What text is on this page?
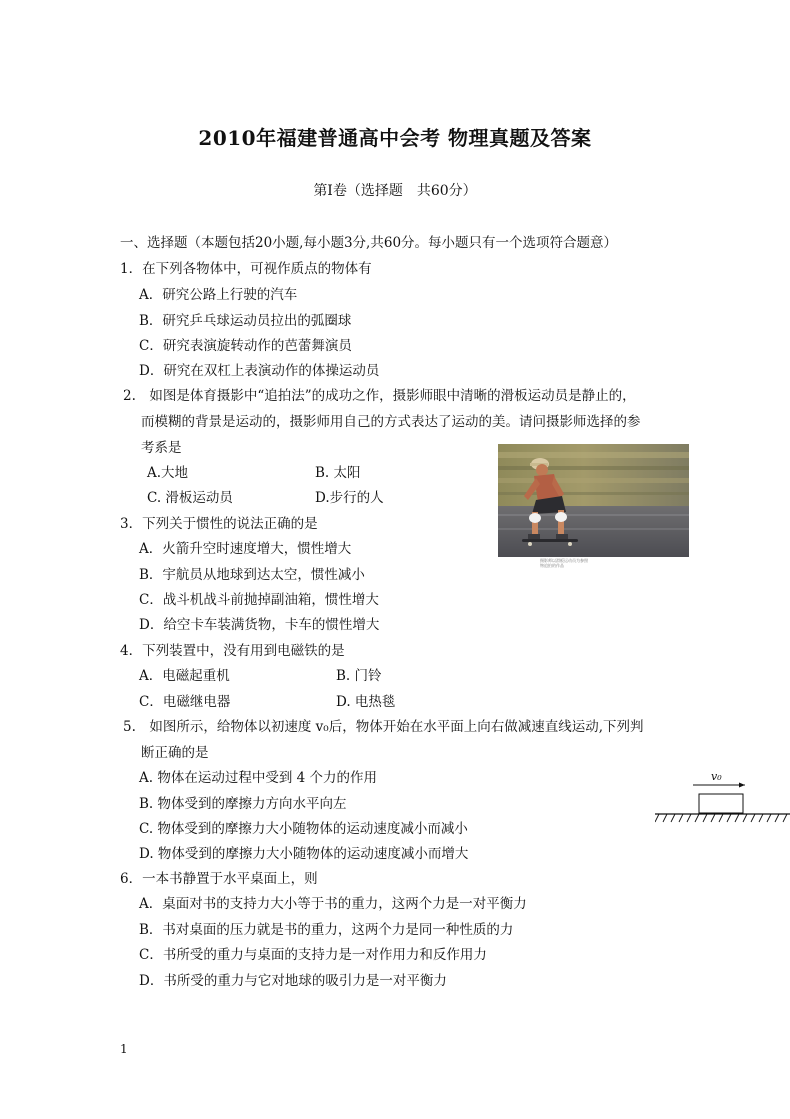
2010年福建普通高中会考 物理真题及答案
第Ⅰ卷（选择题　共60分）
一、选择题（本题包括20小题,每小题3分,共60分。每小题只有一个选项符合题意）
1．在下列各物体中，可视作质点的物体有
A．研究公路上行驶的汽车
B．研究乒乓球运动员拉出的弧圈球
C．研究表演旋转动作的芭蕾舞演员
D．研究在双杠上表演动作的体操运动员
2.　如图是体育摄影中“追拍法”的成功之作，摄影师眼中清晰的滑板运动员是静止的，
而模糊的背景是运动的，摄影师用自己的方式表达了运动的美。请问摄影师选择的参
考系是
A.大地	B. 太阳
C. 滑板运动员	D.步行的人
摄影师以滑板运动员为参照
物追拍的作品
3．下列关于惯性的说法正确的是
A．火箭升空时速度增大，惯性增大
B．宇航员从地球到达太空，惯性减小
C．战斗机战斗前抛掉副油箱，惯性增大
D．给空卡车装满货物，卡车的惯性增大
4．下列装置中，没有用到电磁铁的是
A．电磁起重机	B. 门铃
C．电磁继电器	D. 电热毯
5.　如图所示，给物体以初速度 v₀后，物体开始在水平面上向右做减速直线运动,下列判
断正确的是
A. 物体在运动过程中受到 4 个力的作用
B. 物体受到的摩擦力方向水平向左
C. 物体受到的摩擦力大小随物体的运动速度减小而减小
D. 物体受到的摩擦力大小随物体的运动速度减小而增大
v₀
6．一本书静置于水平桌面上，则
A．桌面对书的支持力大小等于书的重力，这两个力是一对平衡力
B．书对桌面的压力就是书的重力，这两个力是同一种性质的力
C．书所受的重力与桌面的支持力是一对作用力和反作用力
D．书所受的重力与它对地球的吸引力是一对平衡力
1
